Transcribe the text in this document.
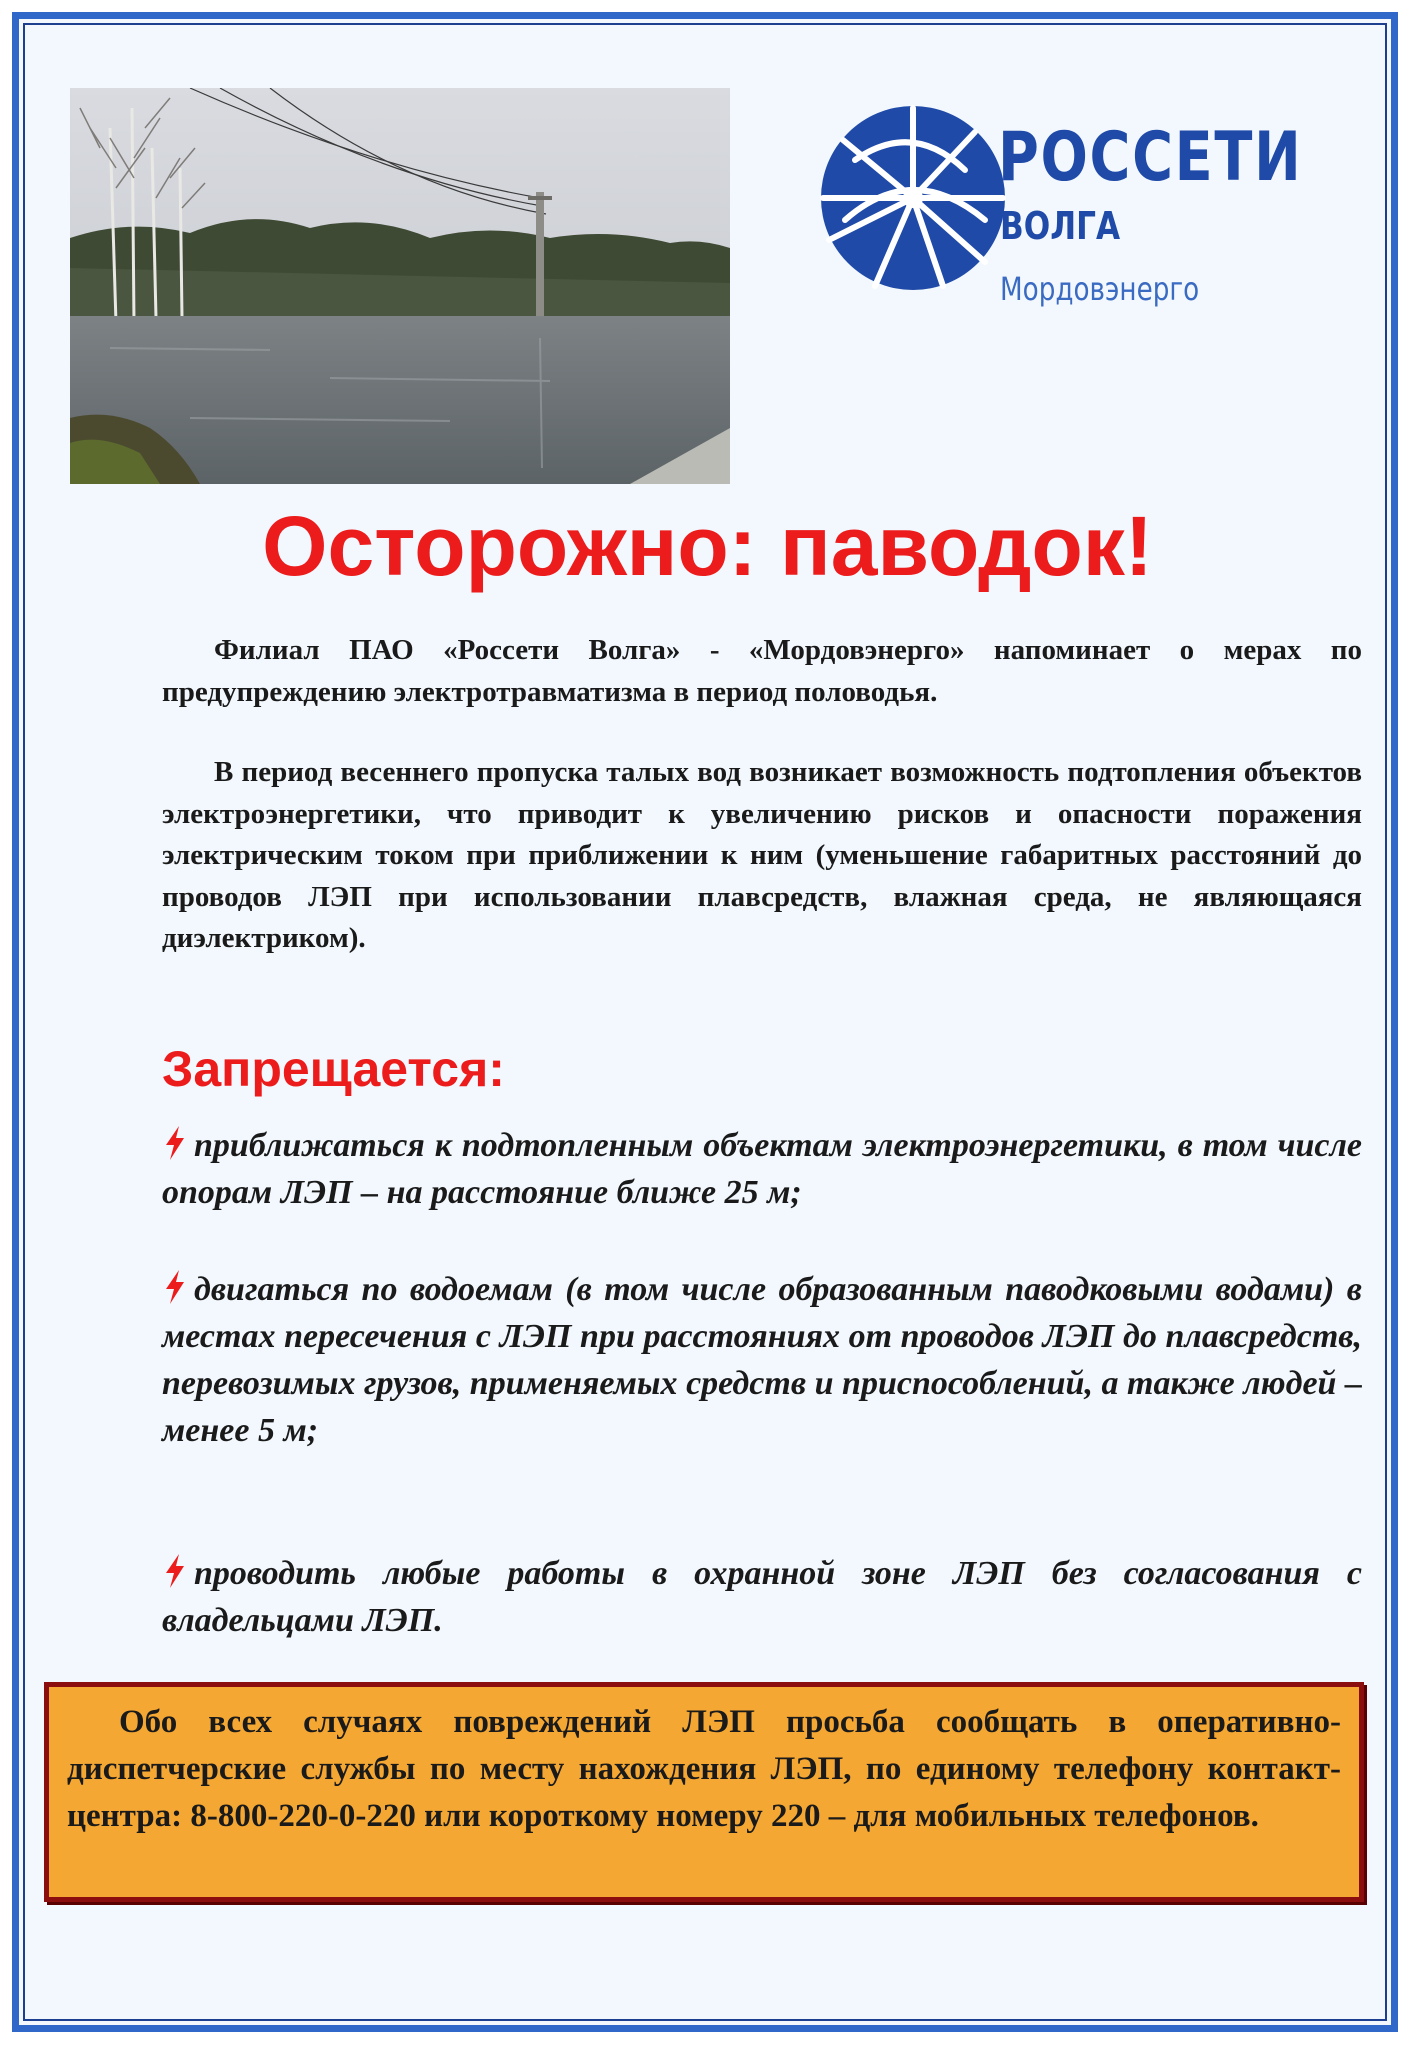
РОССЕТИ
ВОЛГА
Мордовэнерго
Осторожно: паводок!

Филиал ПАО «Россети Волга» - «Мордовэнерго» напоминает о мерах по предупреждению электротравматизма в период половодья.

В период весеннего пропуска талых вод возникает возможность подтопления объектов электроэнергетики, что приводит к увеличению рисков и опасности поражения электрическим током при приближении к ним (уменьшение габаритных расстояний до проводов ЛЭП при использовании плавсредств, влажная среда, не являющаяся диэлектриком).

Запрещается:

приближаться к подтопленным объектам электроэнергетики, в том числе опорам ЛЭП – на расстояние ближе 25 м;

двигаться по водоемам (в том числе образованным паводковыми водами) в местах пересечения с ЛЭП при расстояниях от проводов ЛЭП до плавсредств, перевозимых грузов, применяемых средств и приспособлений, а также людей – менее 5 м;

проводить любые работы в охранной зоне ЛЭП без согласования с владельцами ЛЭП.

Обо всех случаях повреждений ЛЭП просьба сообщать в оперативно-диспетчерские службы по месту нахождения ЛЭП, по единому телефону контакт-центра: 8-800-220-0-220 или короткому номеру 220 – для мобильных телефонов.
